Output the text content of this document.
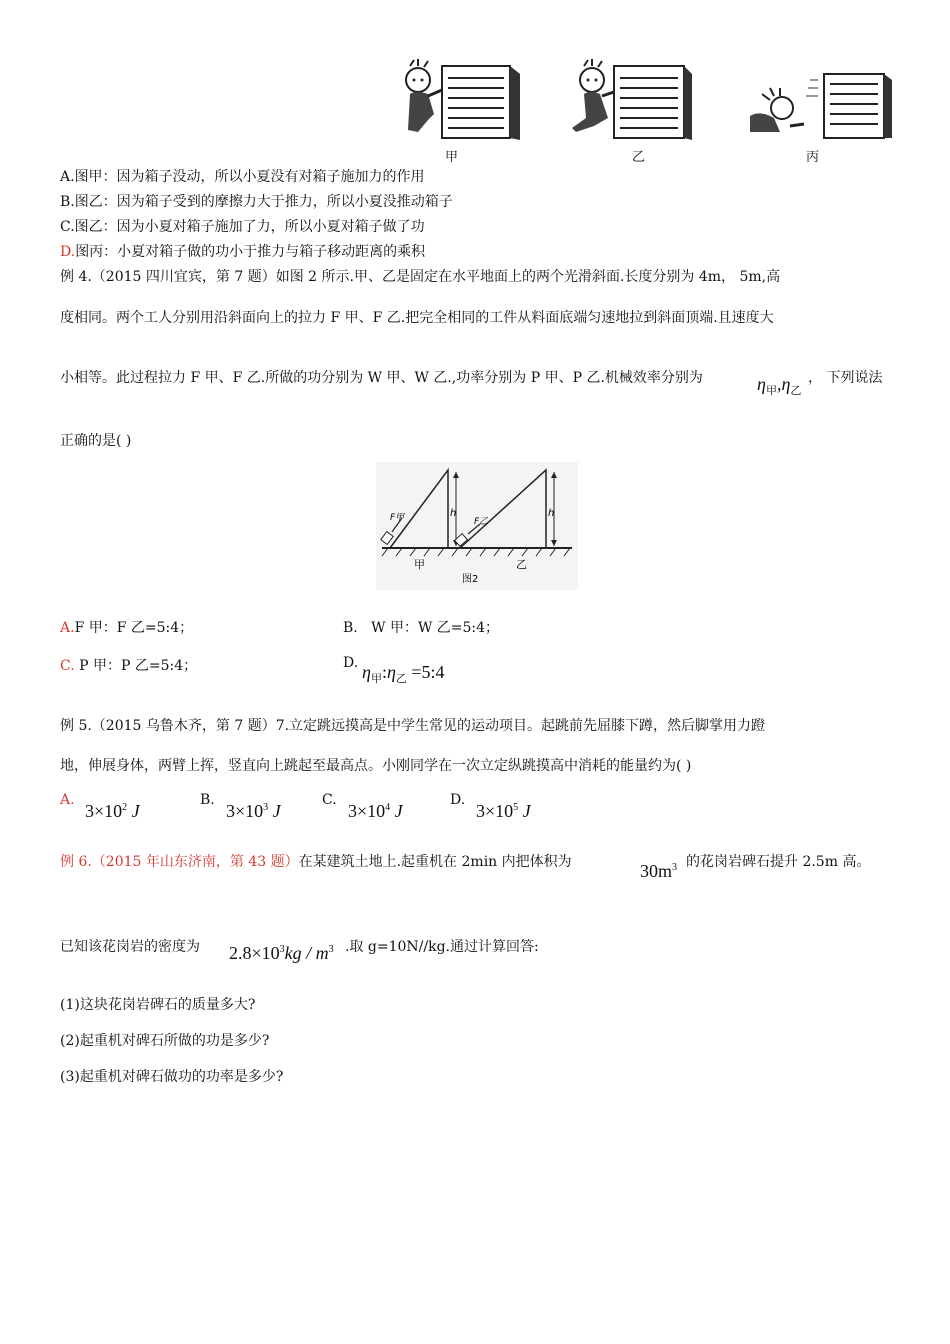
甲	乙	丙
A.图甲：因为箱子没动，所以小夏没有对箱子施加力的作用
B.图乙：因为箱子受到的摩擦力大于推力，所以小夏没推动箱子
C.图乙：因为小夏对箱子施加了力，所以小夏对箱子做了功
D.图丙：小夏对箱子做的功小于推力与箱子移动距离的乘积
例 4.（2015 四川宜宾，第 7 题）如图 2 所示.甲、乙是固定在水平地面上的两个光滑斜面.长度分别为 4m， 5m,高
度相同。两个工人分别用沿斜面向上的拉力 F 甲、F 乙.把完全相同的工件从料面底端匀速地拉到斜面顶端.且速度大
小相等。此过程拉力 F 甲、F 乙.所做的功分别为 W 甲、W 乙.,功率分别为 P 甲、P 乙.机械效率分别为	$\eta_甲,\eta_乙$
， 下列说法
正确的是( )
F甲	F乙
h	h
甲	乙
图2
A.F 甲：F 乙=5:4；	B. W 甲：W 乙=5:4；
C. P 甲：P 乙=5:4；	D. $\eta_甲:\eta_乙$ =5:4
例 5.（2015 乌鲁木齐，第 7 题）7.立定跳远摸高是中学生常见的运动项目。起跳前先屈膝下蹲，然后脚掌用力蹬
地，伸展身体，两臂上挥，竖直向上跳起至最高点。小刚同学在一次立定纵跳摸高中消耗的能量约为( )
A.
$3\times 10^2$ J
B.
$3\times 10^3$ J
C.
$3\times 10^4$ J
D.
$3\times 10^5$ J
例 6.（2015 年山东济南，第 43 题）在某建筑土地上.起重机在 2min 内把体积为	$30m^3$ 的花岗岩碑石提升 2.5m 高。
已知该花岗岩的密度为 $2.8\times 10^3kg / m^3$ .取 g=10N//kg.通过计算回答:
(1)这块花岗岩碑石的质量多大?
(2)起重机对碑石所做的功是多少?
(3)起重机对碑石做功的功率是多少?
